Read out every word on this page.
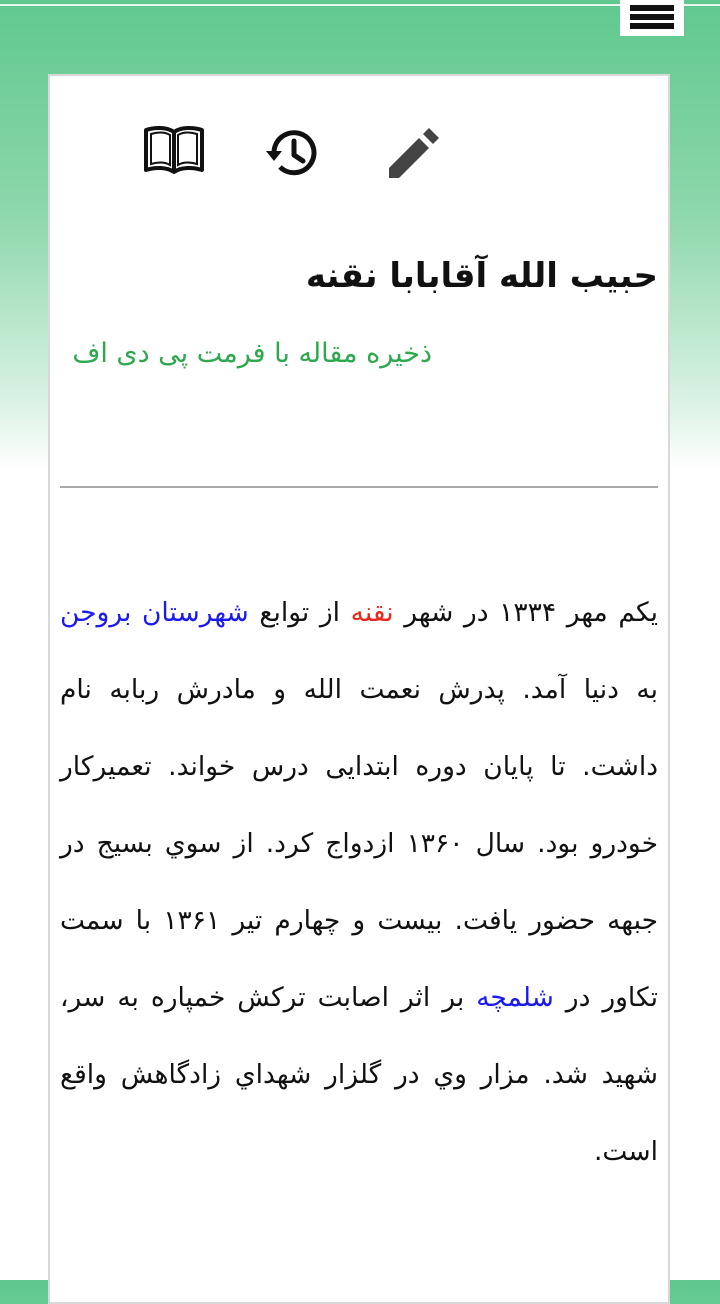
حبیب الله آقابابا نقنه
ذخیره مقاله با فرمت پی دی اف

یکم مهر ۱۳۳۴ در شهر نقنه از توابع شهرستان بروجن به دنیا آمد. پدرش نعمت الله و مادرش ربابه نام داشت. تا پایان دوره ابتدایی درس خواند. تعمیرکار خودرو بود. سال ۱۳۶۰ ازدواج کرد. از سوي بسیج در جبهه حضور یافت. بیست و چهارم تیر ۱۳۶۱ با سمت تکاور در شلمچه بر اثر اصابت ترکش خمپاره به سر، شهید شد. مزار وي در گلزار شهداي زادگاهش واقع است.
